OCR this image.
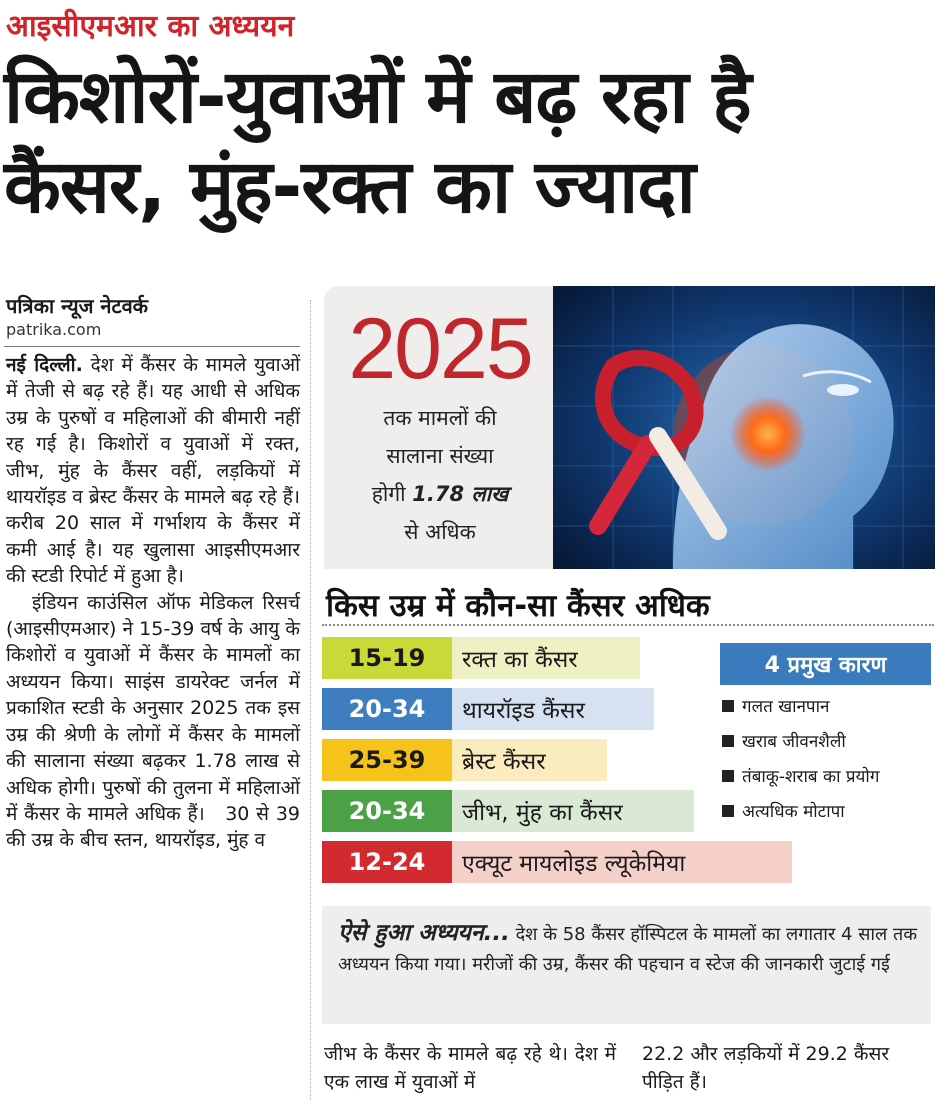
आइसीएमआर का अध्ययन
किशोरों-युवाओं में बढ़ रहा है
कैंसर, मुंह-रक्त का ज्यादा
पत्रिका न्यूज नेटवर्क
patrika.com

नई दिल्ली. देश में कैंसर के मामले युवाओं में तेजी से बढ़ रहे हैं। यह आधी से अधिक उम्र के पुरुषों व महिलाओं की बीमारी नहीं रह गई है। किशोरों व युवाओं में रक्त, जीभ, मुंह के कैंसर वहीं, लड़कियों में थायरॉइड व ब्रेस्ट कैंसर के मामले बढ़ रहे हैं। करीब 20 साल में गर्भाशय के कैंसर में कमी आई है। यह खुलासा आइसीएमआर की स्टडी रिपोर्ट में हुआ है।

इंडियन काउंसिल ऑफ मेडिकल रिसर्च (आइसीएमआर) ने 15-39 वर्ष के आयु के किशोरों व युवाओं में कैंसर के मामलों का अध्ययन किया। साइंस डायरेक्ट जर्नल में प्रकाशित स्टडी के अनुसार 2025 तक इस उम्र की श्रेणी के लोगों में कैंसर के मामलों की सालाना संख्या बढ़कर 1.78 लाख से अधिक होगी। पुरुषों की तुलना में महिलाओं में कैंसर के मामले अधिक हैं। 30 से 39 की उम्र के बीच स्तन, थायरॉइड, मुंह व

2025
तक मामलों की
सालाना संख्या
होगी 1.78 लाख
से अधिक
किस उम्र में कौन-सा कैंसर अधिक
15-19	रक्त का कैंसर
20-34	थायरॉइड कैंसर
25-39	ब्रेस्ट कैंसर
20-34	जीभ, मुंह का कैंसर
12-24	एक्यूट मायलोइड ल्यूकेमिया
4 प्रमुख कारण
गलत खानपान
खराब जीवनशैली
तंबाकू-शराब का प्रयोग
अत्यधिक मोटापा
ऐसे हुआ अध्ययन... देश के 58 कैंसर हॉस्पिटल के मामलों का लगातार 4 साल तक अध्ययन किया गया। मरीजों की उम्र, कैंसर की पहचान व स्टेज की जानकारी जुटाई गई
जीभ के कैंसर के मामले बढ़ रहे थे। देश में एक लाख में युवाओं में
22.2 और लड़कियों में 29.2 कैंसर पीड़ित हैं।
